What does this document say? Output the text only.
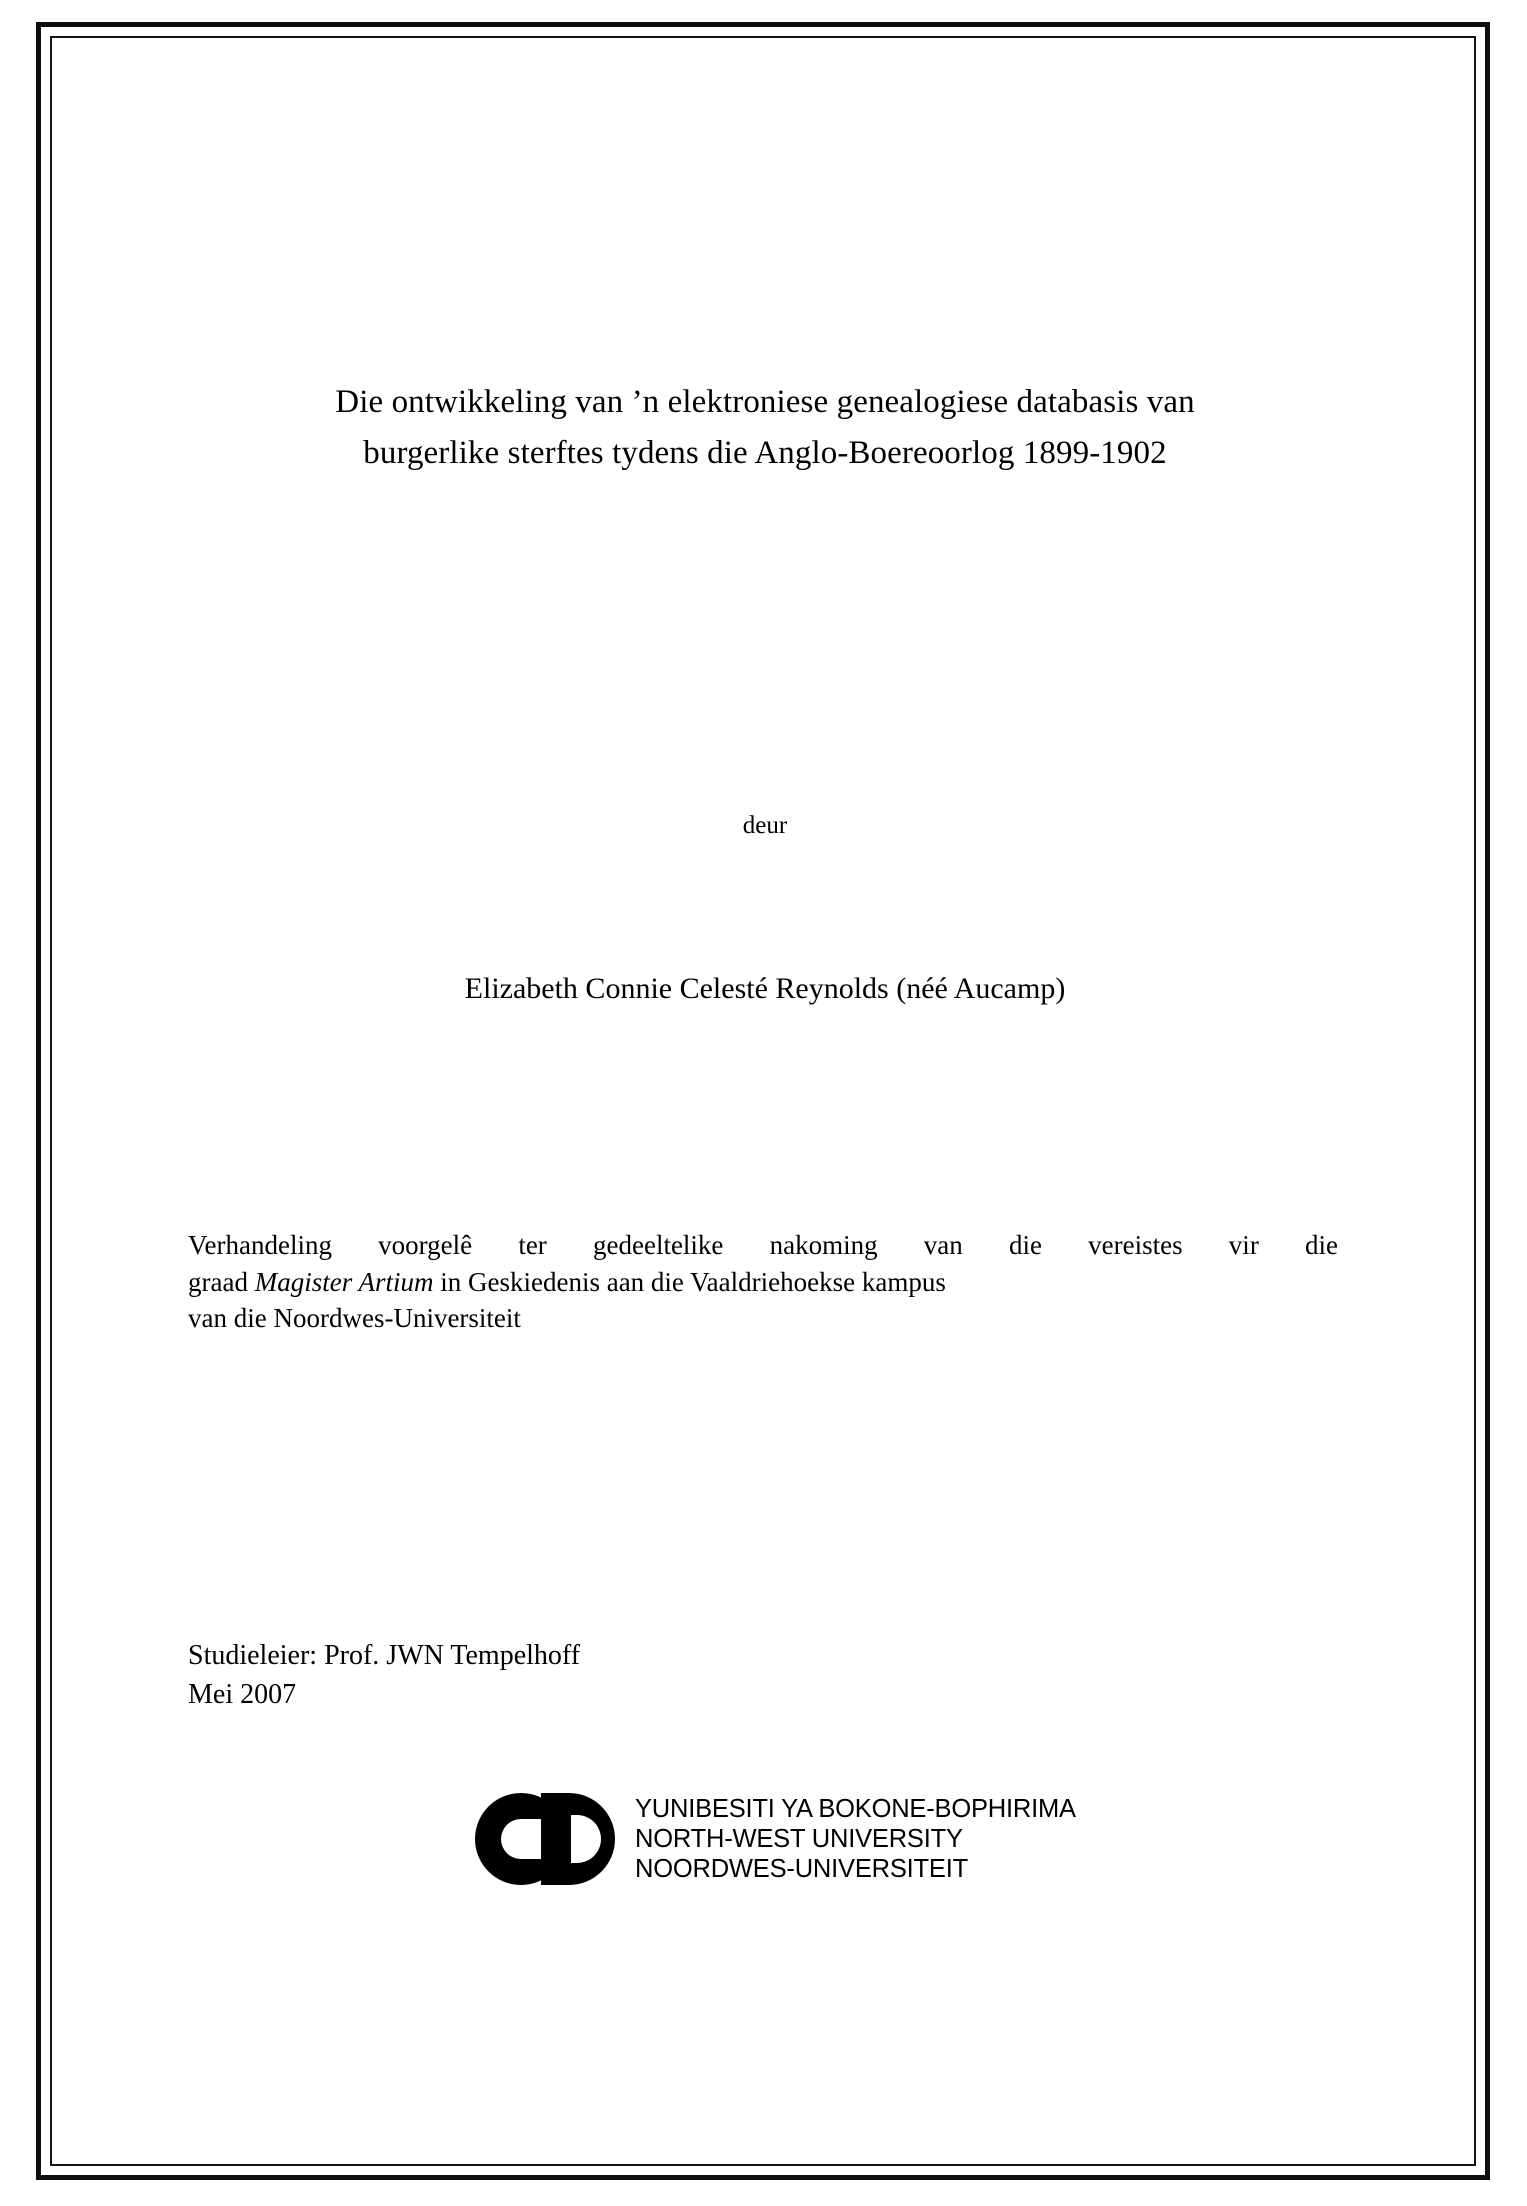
Die ontwikkeling van ’n elektroniese genealogiese databasis van
burgerlike sterftes tydens die Anglo-Boereoorlog 1899-1902
deur
Elizabeth Connie Celesté Reynolds (néé Aucamp)

Verhandeling voorgelê ter gedeeltelike nakoming van die vereistes vir die

graad Magister Artium in Geskiedenis aan die Vaaldriehoekse kampus

van die Noordwes-Universiteit

Studieleier: Prof. JWN Tempelhoff

Mei 2007

YUNIBESITI YA BOKONE-BOPHIRIMA
NORTH-WEST UNIVERSITY
NOORDWES-UNIVERSITEIT
